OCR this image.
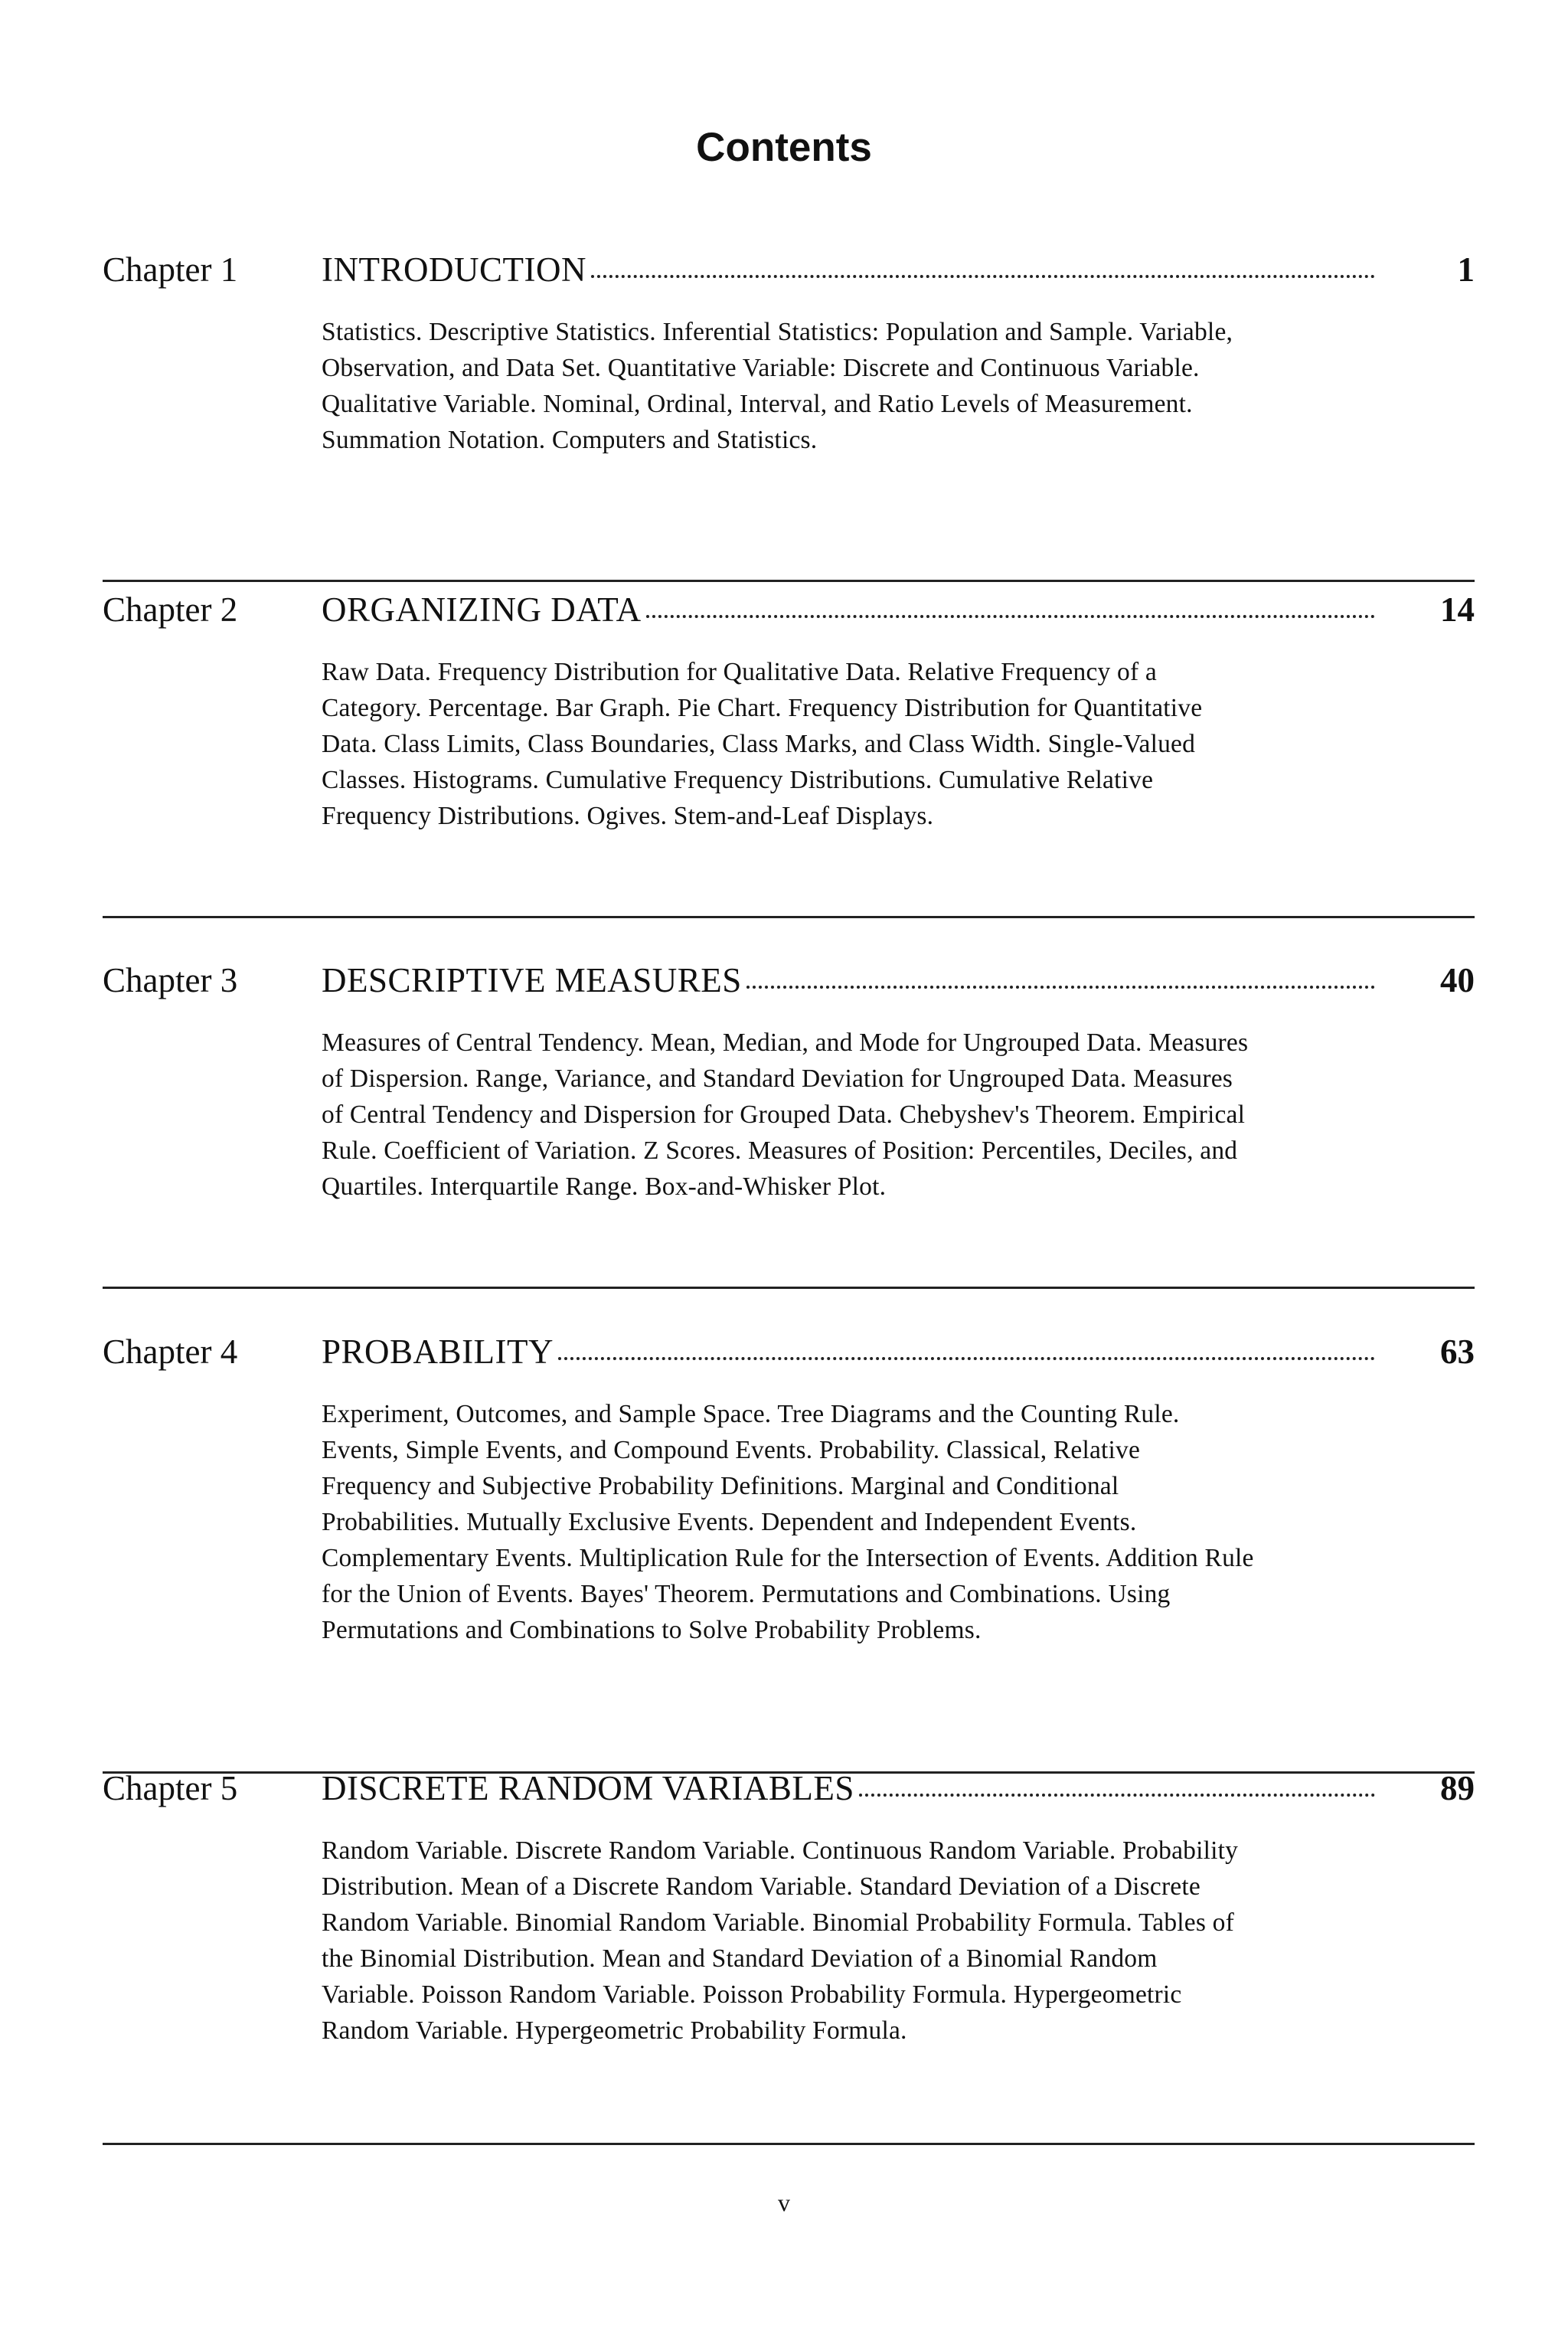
Contents
Chapter 1 INTRODUCTION	1
Statistics. Descriptive Statistics. Inferential Statistics: Population and Sample. Variable, Observation, and Data Set. Quantitative Variable: Discrete and Continuous Variable. Qualitative Variable. Nominal, Ordinal, Interval, and Ratio Levels of Measurement. Summation Notation. Computers and Statistics.
Chapter 2 ORGANIZING DATA	14
Raw Data. Frequency Distribution for Qualitative Data. Relative Frequency of a Category. Percentage. Bar Graph. Pie Chart. Frequency Distribution for Quantitative Data. Class Limits, Class Boundaries, Class Marks, and Class Width. Single-Valued Classes. Histograms. Cumulative Frequency Distributions. Cumulative Relative Frequency Distributions. Ogives. Stem-and-Leaf Displays.
Chapter 3 DESCRIPTIVE MEASURES	40
Measures of Central Tendency. Mean, Median, and Mode for Ungrouped Data. Measures of Dispersion. Range, Variance, and Standard Deviation for Ungrouped Data. Measures of Central Tendency and Dispersion for Grouped Data. Chebyshev's Theorem. Empirical Rule. Coefficient of Variation. Z Scores. Measures of Position: Percentiles, Deciles, and Quartiles. Interquartile Range. Box-and-Whisker Plot.
Chapter 4 PROBABILITY	63
Experiment, Outcomes, and Sample Space. Tree Diagrams and the Counting Rule. Events, Simple Events, and Compound Events. Probability. Classical, Relative Frequency and Subjective Probability Definitions. Marginal and Conditional Probabilities. Mutually Exclusive Events. Dependent and Independent Events. Complementary Events. Multiplication Rule for the Intersection of Events. Addition Rule for the Union of Events. Bayes' Theorem. Permutations and Combinations. Using Permutations and Combinations to Solve Probability Problems.
Chapter 5 DISCRETE RANDOM VARIABLES	89
Random Variable. Discrete Random Variable. Continuous Random Variable. Probability Distribution. Mean of a Discrete Random Variable. Standard Deviation of a Discrete Random Variable. Binomial Random Variable. Binomial Probability Formula. Tables of the Binomial Distribution. Mean and Standard Deviation of a Binomial Random Variable. Poisson Random Variable. Poisson Probability Formula. Hypergeometric Random Variable. Hypergeometric Probability Formula.
v
